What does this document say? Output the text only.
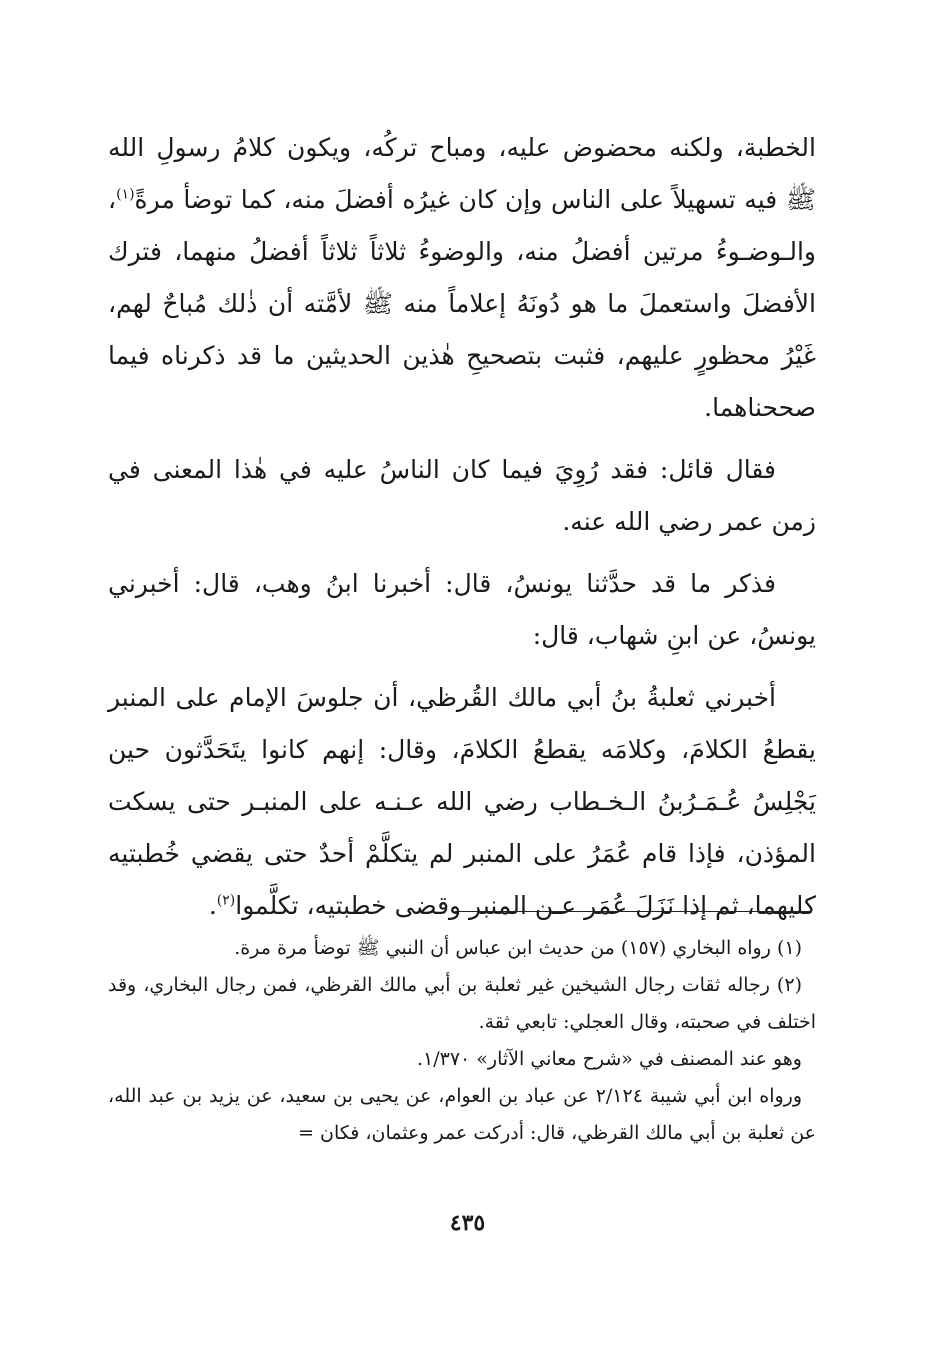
الخطبة، ولكنه محضوض عليه، ومباح تركُه، ويكون كلامُ رسولِ الله ﷺ فيه تسهيلاً على الناس وإن كان غيرُه أفضلَ منه، كما توضأ مرةً$^{(١)}$، والـوضـوءُ مرتين أفضلُ منه، والوضوءُ ثلاثاً ثلاثاً أفضلُ منهما، فترك الأفضلَ واستعملَ ما هو دُونَهُ إعلاماً منه ﷺ لأمَّته أن ذٰلك مُباحٌ لهم، غَيْرُ محظورٍ عليهم، فثبت بتصحيحِ هٰذين الحديثين ما قد ذكرناه فيما صححناهما.

فقال قائل: فقد رُوِيَ فيما كان الناسُ عليه في هٰذا المعنى في زمن عمر رضي الله عنه.

فذكر ما قد حدَّثنا يونسُ، قال: أخبرنا ابنُ وهب، قال: أخبرني يونسُ، عن ابنِ شهاب، قال:

أخبرني ثعلبةُ بنُ أبي مالك القُرظي، أن جلوسَ الإمام على المنبر يقطعُ الكلامَ، وكلامَه يقطعُ الكلامَ، وقال: إنهم كانوا يتَحَدَّثون حين يَجْلِسُ عُـمَـرُبنُ الـخـطاب رضي الله عـنـه على المنبـر حتى يسكت المؤذن، فإذا قام عُمَرُ على المنبر لم يتكلَّمْ أحدٌ حتى يقضي خُطبتيه كليهما، ثم إذا نَزَلَ عُمَر عـن المنبر وقضى خطبتيه، تكلَّموا$^{(٢)}$.

(١) رواه البخاري (١٥٧) من حديث ابن عباس أن النبي ﷺ توضأ مرة مرة.

(٢) رجاله ثقات رجال الشيخين غير ثعلبة بن أبي مالك القرظي، فمن رجال البخاري، وقد اختلف في صحبته، وقال العجلي: تابعي ثقة.

وهو عند المصنف في «شرح معاني الآثار» ١/٣٧٠.

ورواه ابن أبي شيبة ٢/١٢٤ عن عباد بن العوام، عن يحيى بن سعيد، عن يزيد بن عبد الله، عن ثعلبة بن أبي مالك القرظي، قال: أدركت عمر وعثمان، فكان =

٤٣٥
